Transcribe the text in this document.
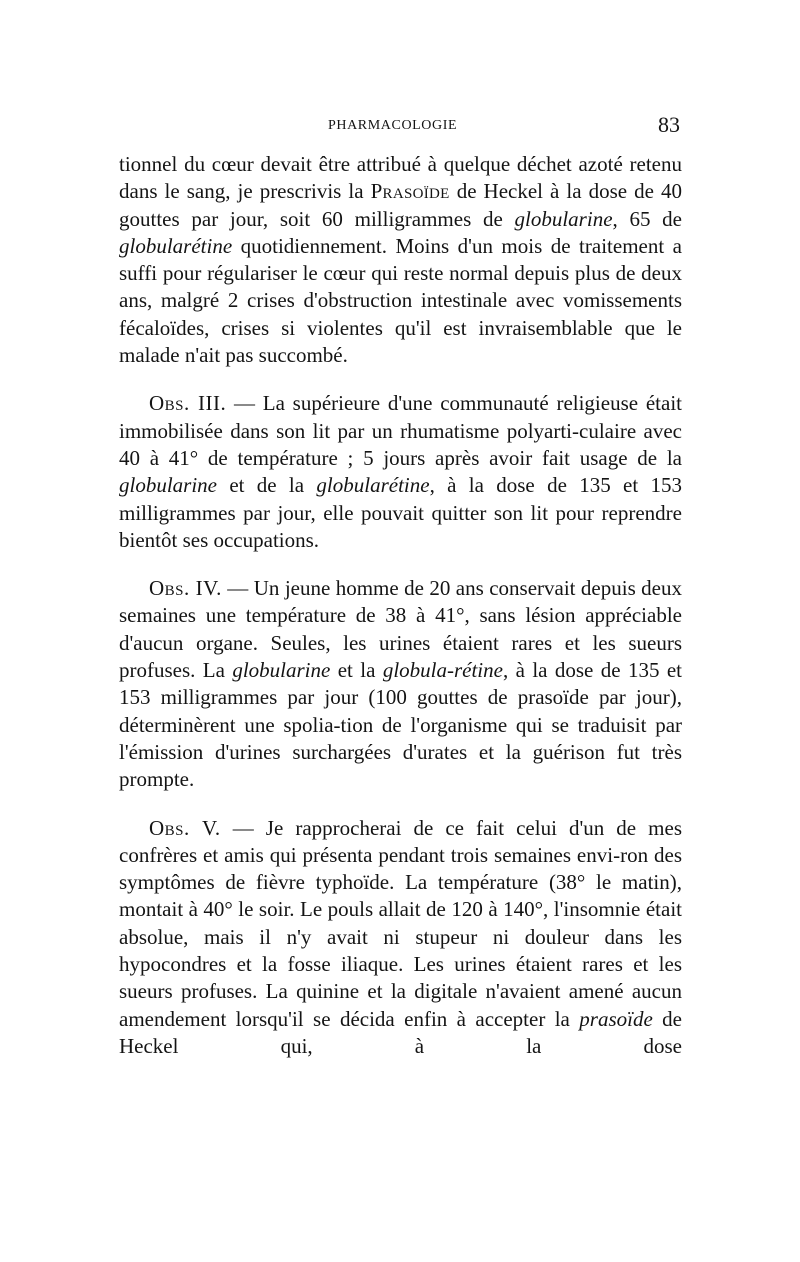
PHARMACOLOGIE	83

tionnel du cœur devait être attribué à quelque déchet azoté retenu dans le sang, je prescrivis la Prasoïde de Heckel à la dose de 40 gouttes par jour, soit 60 milligrammes de globularine, 65 de globularétine quotidiennement. Moins d'un mois de traitement a suffi pour régulariser le cœur qui reste normal depuis plus de deux ans, malgré 2 crises d'obstruction intestinale avec vomissements fécaloïdes, crises si violentes qu'il est invraisemblable que le malade n'ait pas succombé.

Obs. III. — La supérieure d'une communauté religieuse était immobilisée dans son lit par un rhumatisme polyarti-culaire avec 40 à 41° de température ; 5 jours après avoir fait usage de la globularine et de la globularétine, à la dose de 135 et 153 milligrammes par jour, elle pouvait quitter son lit pour reprendre bientôt ses occupations.

Obs. IV. — Un jeune homme de 20 ans conservait depuis deux semaines une température de 38 à 41°, sans lésion appréciable d'aucun organe. Seules, les urines étaient rares et les sueurs profuses. La globularine et la globula-rétine, à la dose de 135 et 153 milligrammes par jour (100 gouttes de prasoïde par jour), déterminèrent une spolia-tion de l'organisme qui se traduisit par l'émission d'urines surchargées d'urates et la guérison fut très prompte.

Obs. V. — Je rapprocherai de ce fait celui d'un de mes confrères et amis qui présenta pendant trois semaines envi-ron des symptômes de fièvre typhoïde. La température (38° le matin), montait à 40° le soir. Le pouls allait de 120 à 140°, l'insomnie était absolue, mais il n'y avait ni stupeur ni douleur dans les hypocondres et la fosse iliaque. Les urines étaient rares et les sueurs profuses. La quinine et la digitale n'avaient amené aucun amendement lorsqu'il se décida enfin à accepter la prasoïde de Heckel qui, à la dose
